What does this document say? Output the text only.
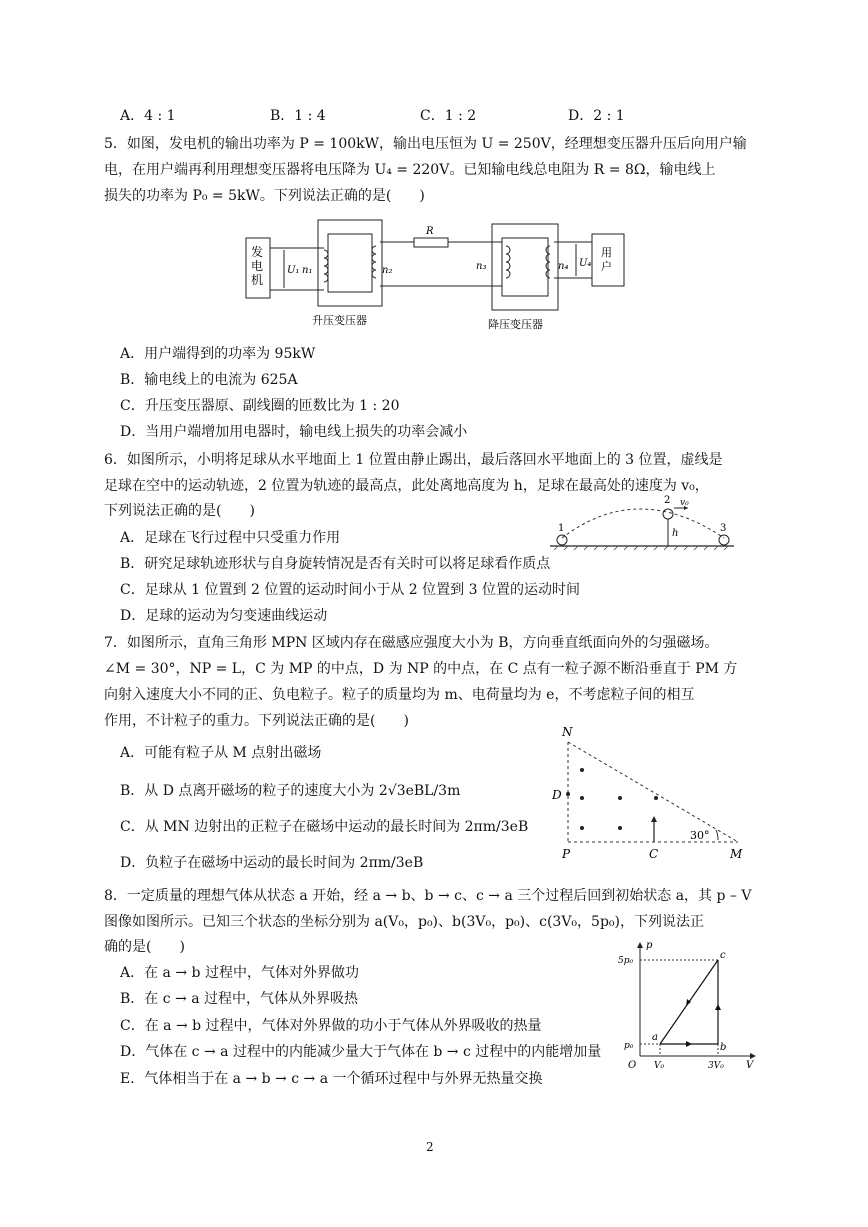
A．4 : 1	B．1 : 4	C．1 : 2	D．2 : 1
5．如图，发电机的输出功率为 P = 100kW，输出电压恒为 U = 250V，经理想变压器升压后向用户输
电，在用户端再利用理想变压器将电压降为 U₄ = 220V。已知输电线总电阻为 R = 8Ω，输电线上
损失的功率为 P₀ = 5kW。下列说法正确的是(　　)
发
电
机
U₁ n₁	n₂
R
n₃	n₄ U₄
用
户
升压变压器	降压变压器
A．用户端得到的功率为 95kW
B．输电线上的电流为 625A
C．升压变压器原、副线圈的匝数比为 1 : 20
D．当用户端增加用电器时，输电线上损失的功率会减小
6．如图所示，小明将足球从水平地面上 1 位置由静止踢出，最后落回水平地面上的 3 位置，虚线是
足球在空中的运动轨迹，2 位置为轨迹的最高点，此处离地高度为 h，足球在最高处的速度为 v₀，
下列说法正确的是(　　)
1
2
3
h
v₀
A．足球在飞行过程中只受重力作用
B．研究足球轨迹形状与自身旋转情况是否有关时可以将足球看作质点
C．足球从 1 位置到 2 位置的运动时间小于从 2 位置到 3 位置的运动时间
D．足球的运动为匀变速曲线运动
7．如图所示，直角三角形 MPN 区域内存在磁感应强度大小为 B，方向垂直纸面向外的匀强磁场。
∠M = 30°，NP = L，C 为 MP 的中点，D 为 NP 的中点，在 C 点有一粒子源不断沿垂直于 PM 方
向射入速度大小不同的正、负电粒子。粒子的质量均为 m、电荷量均为 e，不考虑粒子间的相互
作用，不计粒子的重力。下列说法正确的是(　　)
A．可能有粒子从 M 点射出磁场
B．从 D 点离开磁场的粒子的速度大小为 2√3eBL/3m
C．从 MN 边射出的正粒子在磁场中运动的最长时间为 2πm/3eB
D．负粒子在磁场中运动的最长时间为 2πm/3eB
N
D
P	C	M
30°
8．一定质量的理想气体从状态 a 开始，经 a → b、b → c、c → a 三个过程后回到初始状态 a，其 p – V
图像如图所示。已知三个状态的坐标分别为 a(V₀，p₀)、b(3V₀，p₀)、c(3V₀，5p₀)，下列说法正
确的是(　　)
A．在 a → b 过程中，气体对外界做功
B．在 c → a 过程中，气体从外界吸热
C．在 a → b 过程中，气体对外界做的功小于气体从外界吸收的热量
D．气体在 c → a 过程中的内能减少量大于气体在 b → c 过程中的内能增加量
E．气体相当于在 a → b → c → a 一个循环过程中与外界无热量交换
p
V
O
a
b
c
5p₀
p₀
V₀	3V₀
2
